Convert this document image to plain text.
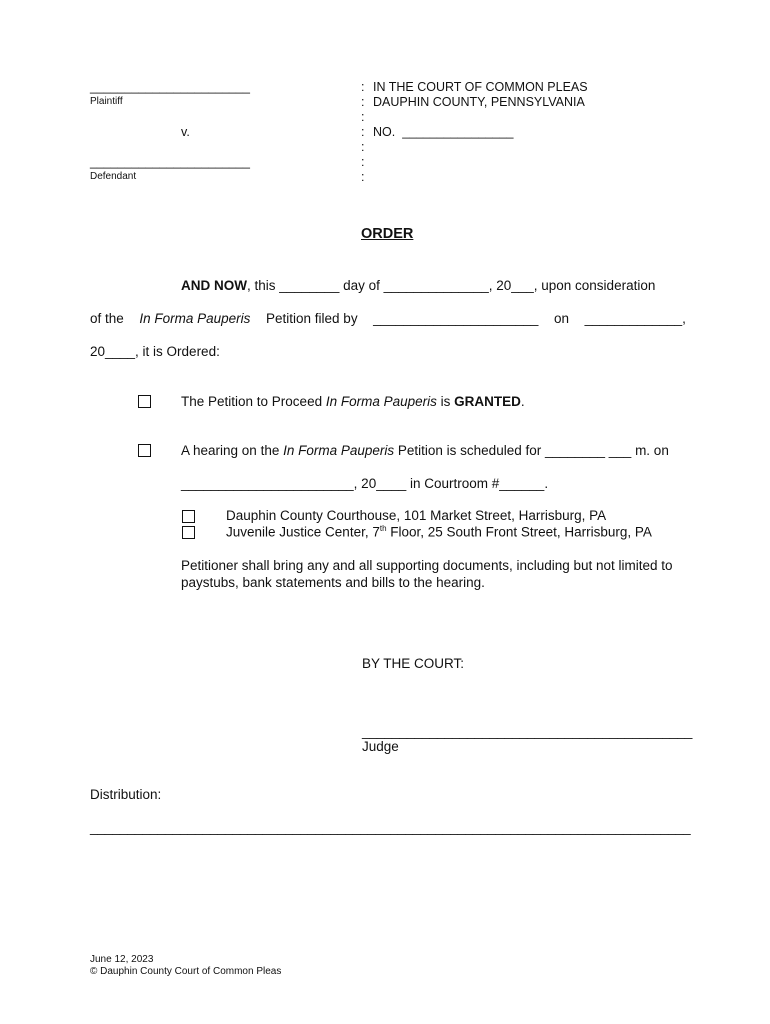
_______________________
Plaintiff
v.
_______________________
Defendant
:
:
:
:
:
:
:
IN THE COURT OF COMMON PLEAS
DAUPHIN COUNTY, PENNSYLVANIA
NO. ________________
ORDER
AND NOW, this ________ day of ______________, 20___, upon consideration
of the In Forma Pauperis Petition filed by ______________________ on _____________,
20____, it is Ordered:
The Petition to Proceed In Forma Pauperis is GRANTED.
A hearing on the In Forma Pauperis Petition is scheduled for ________ ___ m. on
_______________________, 20____ in Courtroom #______.
Dauphin County Courthouse, 101 Market Street, Harrisburg, PA
Juvenile Justice Center, 7th Floor, 25 South Front Street, Harrisburg, PA
Petitioner shall bring any and all supporting documents, including but not limited to paystubs, bank statements and bills to the hearing.
BY THE COURT:
____________________________________________
Judge
Distribution:
________________________________________________________________________________
June 12, 2023
© Dauphin County Court of Common Pleas
